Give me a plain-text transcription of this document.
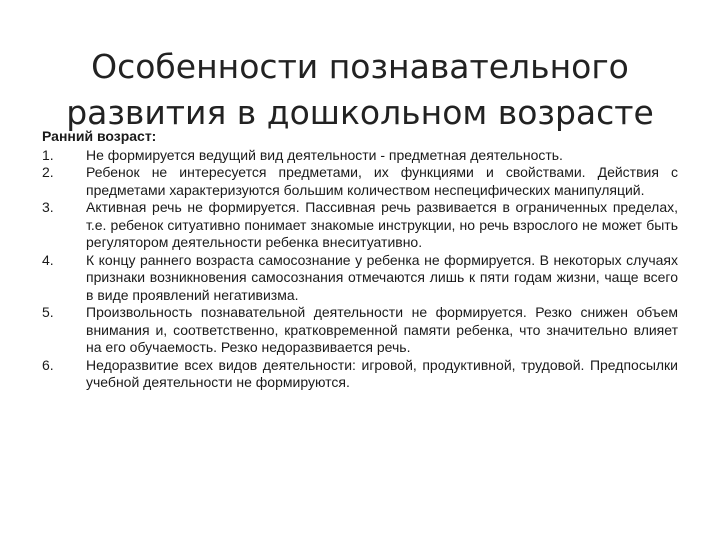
Особенности познавательного развития в дошкольном возрасте
Ранний возраст:
1.	Не формируется ведущий вид деятельности - предметная деятельность.
2.	Ребенок не интересуется предметами, их функциями и свойствами. Действия с предметами характеризуются большим количеством неспецифических манипуляций.
3.	Активная речь не формируется. Пассивная речь развивается в ограниченных пределах, т.е. ребенок ситуативно понимает знакомые инструкции, но речь взрослого не может быть регулятором деятельности ребенка внеситуативно.
4.	К концу раннего возраста самосознание у ребенка не формируется. В некоторых случаях признаки возникновения самосознания отмечаются лишь к пяти годам жизни, чаще всего в виде проявлений негативизма.
5.	Произвольность познавательной деятельности не формируется. Резко снижен объем внимания и, соответственно, кратковременной памяти ребенка, что значительно влияет на его обучаемость. Резко недоразвивается речь.
6.	Недоразвитие всех видов деятельности: игровой, продуктивной, трудовой. Предпосылки учебной деятельности не формируются.
